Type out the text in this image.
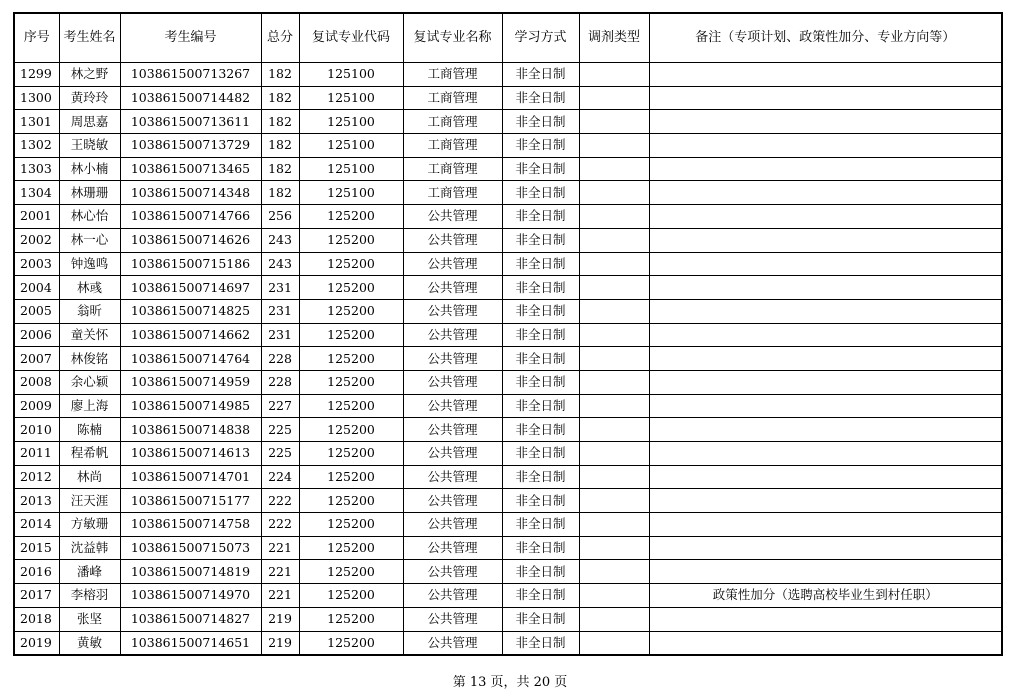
序号	考生姓名	考生编号	总分	复试专业代码	复试专业名称	学习方式	调剂类型	备注（专项计划、政策性加分、专业方向等）
1299	林之野	103861500713267	182	125100	工商管理	非全日制		
1300	黄玲玲	103861500714482	182	125100	工商管理	非全日制		
1301	周思嘉	103861500713611	182	125100	工商管理	非全日制		
1302	王晓敏	103861500713729	182	125100	工商管理	非全日制		
1303	林小楠	103861500713465	182	125100	工商管理	非全日制		
1304	林珊珊	103861500714348	182	125100	工商管理	非全日制		
2001	林心怡	103861500714766	256	125200	公共管理	非全日制		
2002	林一心	103861500714626	243	125200	公共管理	非全日制		
2003	钟逸鸣	103861500715186	243	125200	公共管理	非全日制		
2004	林彧	103861500714697	231	125200	公共管理	非全日制		
2005	翁昕	103861500714825	231	125200	公共管理	非全日制		
2006	童关怀	103861500714662	231	125200	公共管理	非全日制		
2007	林俊铭	103861500714764	228	125200	公共管理	非全日制		
2008	余心颖	103861500714959	228	125200	公共管理	非全日制		
2009	廖上海	103861500714985	227	125200	公共管理	非全日制		
2010	陈楠	103861500714838	225	125200	公共管理	非全日制		
2011	程希帆	103861500714613	225	125200	公共管理	非全日制		
2012	林尚	103861500714701	224	125200	公共管理	非全日制		
2013	汪天涯	103861500715177	222	125200	公共管理	非全日制		
2014	方敏珊	103861500714758	222	125200	公共管理	非全日制		
2015	沈益韩	103861500715073	221	125200	公共管理	非全日制		
2016	潘峰	103861500714819	221	125200	公共管理	非全日制		
2017	李榕羽	103861500714970	221	125200	公共管理	非全日制		政策性加分（选聘高校毕业生到村任职）
2018	张坚	103861500714827	219	125200	公共管理	非全日制		
2019	黄敏	103861500714651	219	125200	公共管理	非全日制		
第 13 页，共 20 页
